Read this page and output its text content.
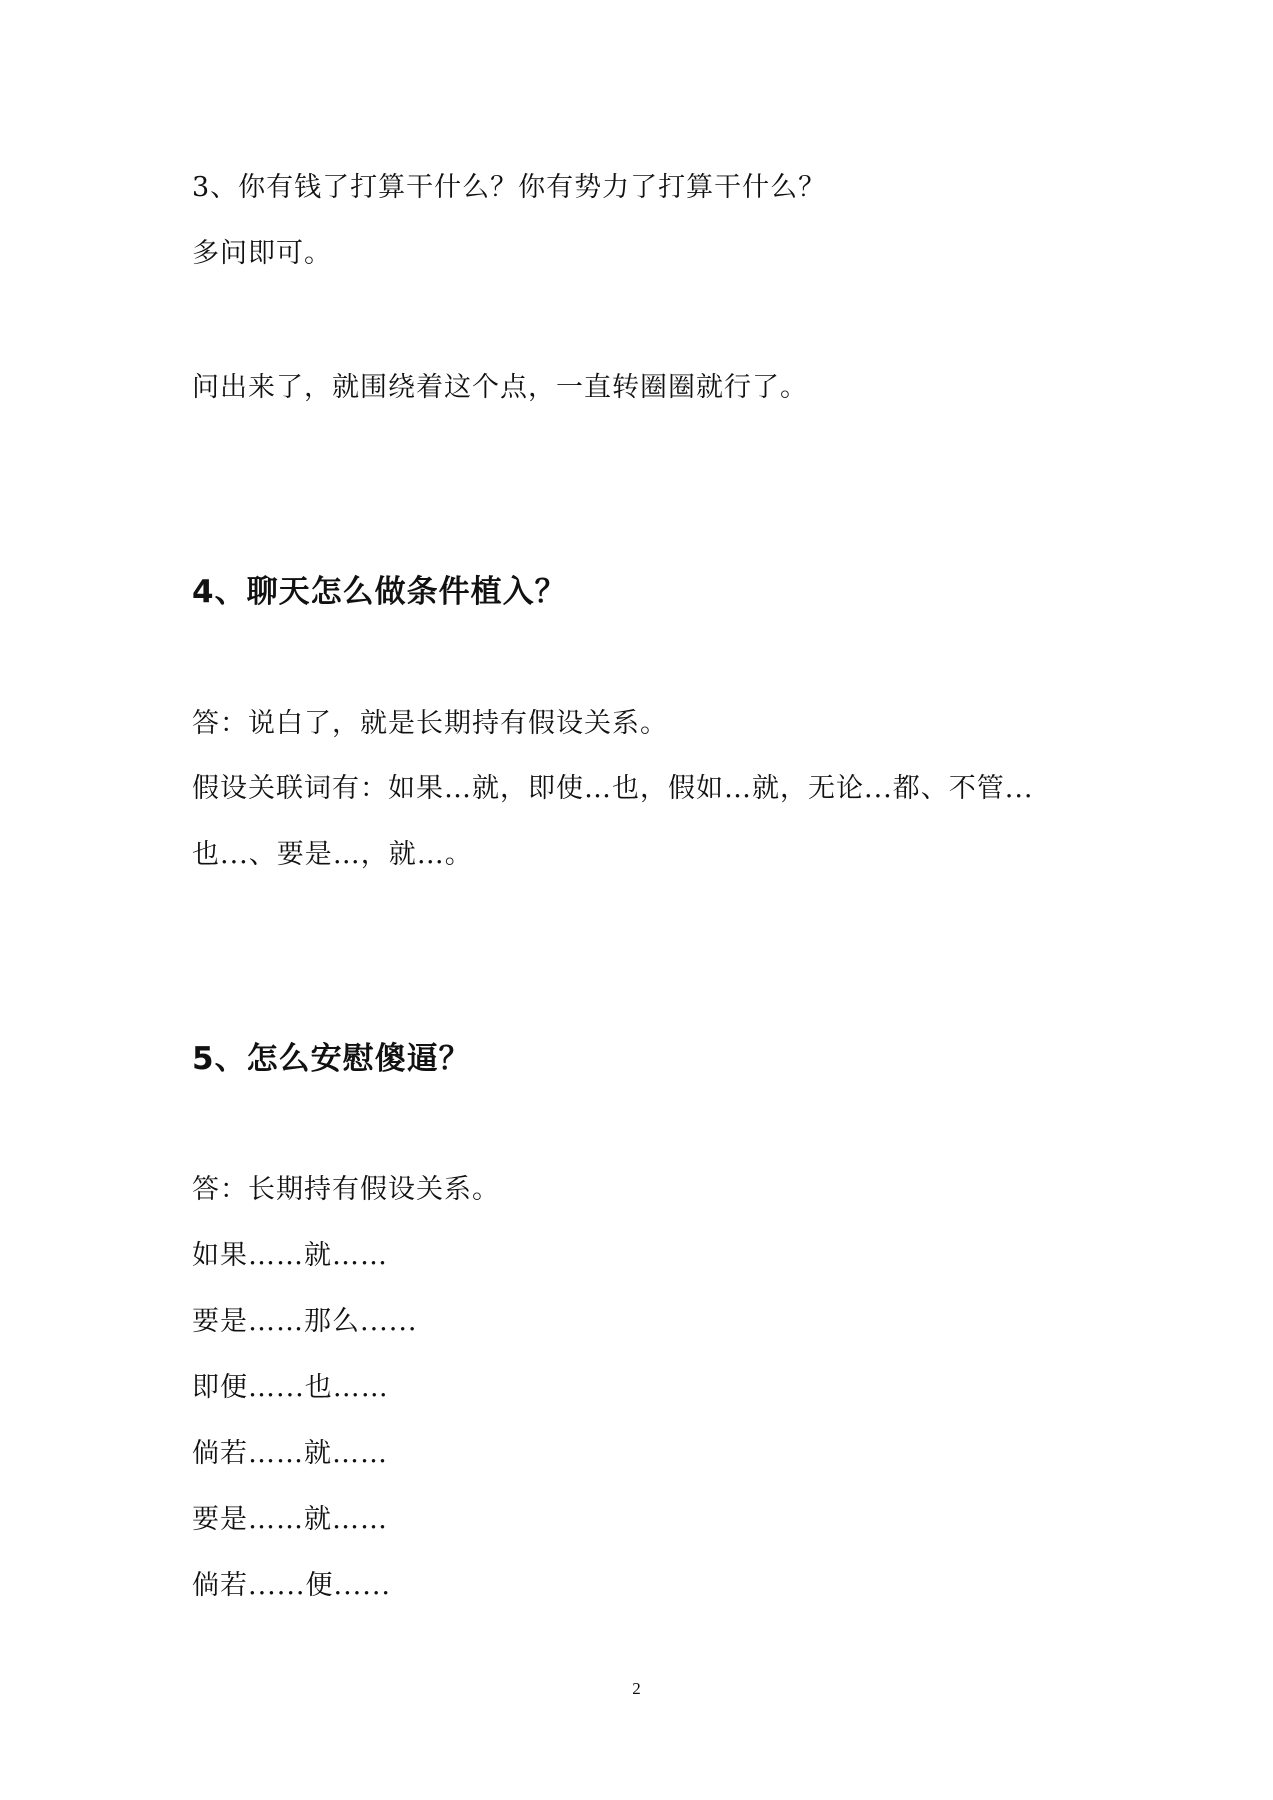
3、你有钱了打算干什么？你有势力了打算干什么？
多问即可。
问出来了，就围绕着这个点，一直转圈圈就行了。
4、聊天怎么做条件植入？
答：说白了，就是长期持有假设关系。
假设关联词有：如果…就，即使…也，假如…就，无论...都、不管...
也...、要是…，就…。
5、怎么安慰傻逼？
答：长期持有假设关系。
如果……就……
要是……那么......
即便…...也……
倘若……就……
要是……就……
倘若......便......
2
